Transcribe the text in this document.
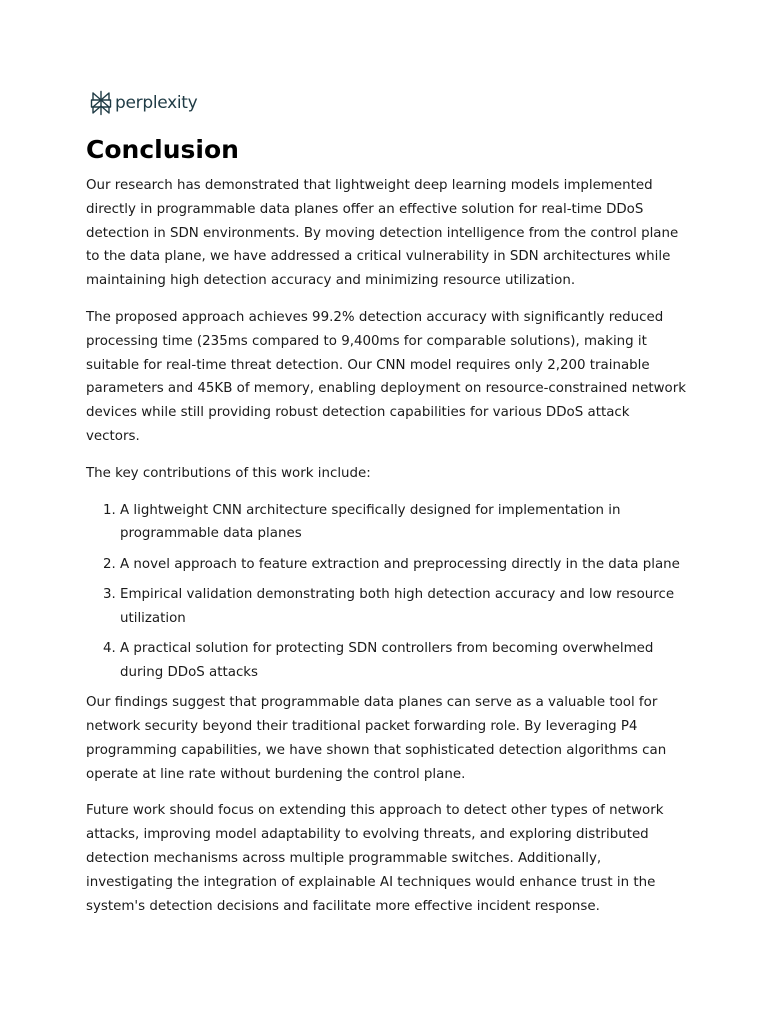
perplexity
Conclusion

Our research has demonstrated that lightweight deep learning models implemented directly in programmable data planes offer an effective solution for real-time DDoS detection in SDN environments. By moving detection intelligence from the control plane to the data plane, we have addressed a critical vulnerability in SDN architectures while maintaining high detection accuracy and minimizing resource utilization.

The proposed approach achieves 99.2% detection accuracy with significantly reduced processing time (235ms compared to 9,400ms for comparable solutions), making it suitable for real-time threat detection. Our CNN model requires only 2,200 trainable parameters and 45KB of memory, enabling deployment on resource-constrained network devices while still providing robust detection capabilities for various DDoS attack vectors.

The key contributions of this work include:

1. A lightweight CNN architecture specifically designed for implementation in programmable data planes
2. A novel approach to feature extraction and preprocessing directly in the data plane
3. Empirical validation demonstrating both high detection accuracy and low resource utilization
4. A practical solution for protecting SDN controllers from becoming overwhelmed during DDoS attacks

Our findings suggest that programmable data planes can serve as a valuable tool for network security beyond their traditional packet forwarding role. By leveraging P4 programming capabilities, we have shown that sophisticated detection algorithms can operate at line rate without burdening the control plane.

Future work should focus on extending this approach to detect other types of network attacks, improving model adaptability to evolving threats, and exploring distributed detection mechanisms across multiple programmable switches. Additionally, investigating the integration of explainable AI techniques would enhance trust in the system's detection decisions and facilitate more effective incident response.
